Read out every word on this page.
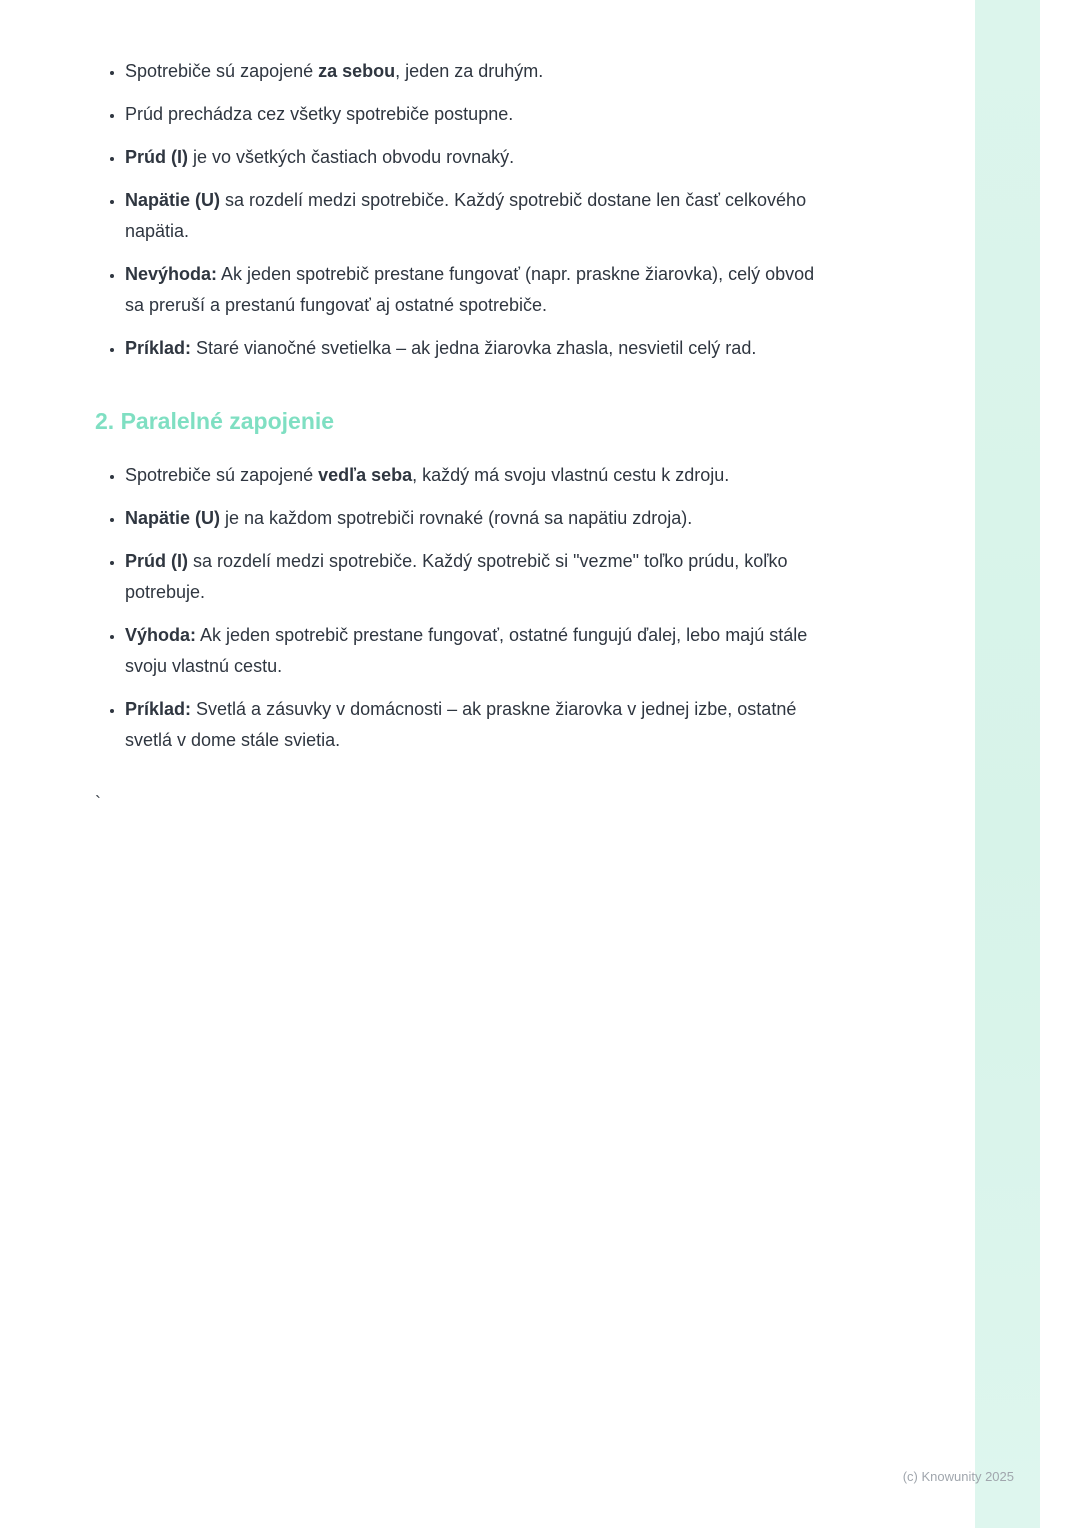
• Spotrebiče sú zapojené za sebou, jeden za druhým.
• Prúd prechádza cez všetky spotrebiče postupne.
• Prúd (I) je vo všetkých častiach obvodu rovnaký.
• Napätie (U) sa rozdelí medzi spotrebiče. Každý spotrebič dostane len časť celkového napätia.
• Nevýhoda: Ak jeden spotrebič prestane fungovať (napr. praskne žiarovka), celý obvod sa preruší a prestanú fungovať aj ostatné spotrebiče.
• Príklad: Staré vianočné svetielka – ak jedna žiarovka zhasla, nesvietil celý rad.
2. Paralelné zapojenie
• Spotrebiče sú zapojené vedľa seba, každý má svoju vlastnú cestu k zdroju.
• Napätie (U) je na každom spotrebiči rovnaké (rovná sa napätiu zdroja).
• Prúd (I) sa rozdelí medzi spotrebiče. Každý spotrebič si "vezme" toľko prúdu, koľko potrebuje.
• Výhoda: Ak jeden spotrebič prestane fungovať, ostatné fungujú ďalej, lebo majú stále svoju vlastnú cestu.
• Príklad: Svetlá a zásuvky v domácnosti – ak praskne žiarovka v jednej izbe, ostatné svetlá v dome stále svietia.
`
(c) Knowunity 2025
